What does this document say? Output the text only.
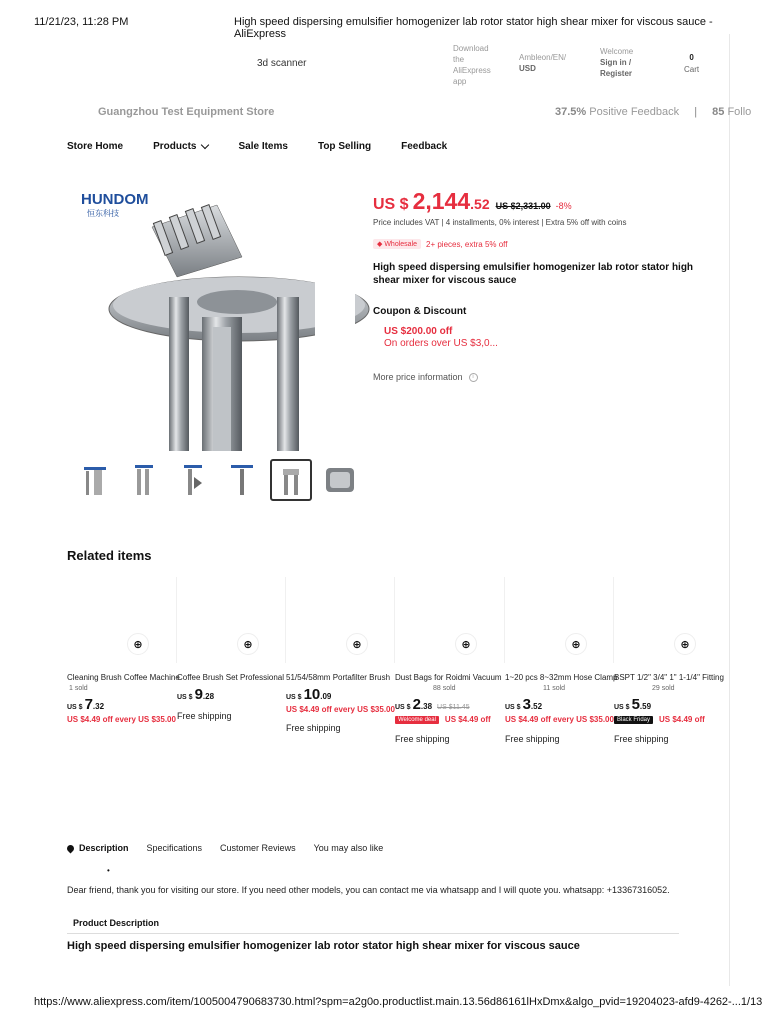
11/21/23, 11:28 PM	High speed dispersing emulsifier homogenizer lab rotor stator high shear mixer for viscous sauce - AliExpress
3d scanner
Download
the
AliExpress
app
Ambleon/EN/
USD
Welcome
Sign in /
Register
0
Cart
Guangzhou Test Equipment Store	37.5% Positive Feedback | 85 Follo
Store Home	Products	Sale Items	Top Selling	Feedback
HUNDOM
恒东科技
US $ 2,144 .52 US $2,331.00 -8%
Price includes VAT | 4 installments, 0% interest | Extra 5% off with coins
◆ Wholesale	2+ pieces, extra 5% off
High speed dispersing emulsifier homogenizer lab rotor stator high shear mixer for viscous sauce
Coupon & Discount
US $200.00 off
On orders over US $3,0...
More price information	i
Related items
⊕
Cleaning Brush Coffee Machine
1 sold
US $ 7 .32
US $4.49 off every US $35.00
⊕
Coffee Brush Set Professional
US $ 9 .28
Free shipping
⊕
51/54/58mm Portafilter Brush
US $ 10 .09
US $4.49 off every US $35.00
Free shipping
⊕
Dust Bags for Roidmi Vacuum
88 sold
US $ 2 .38 US $11.45
Welcome deal	US $4.49 off
Free shipping
⊕
1~20 pcs 8~32mm Hose Clamp
11 sold
US $ 3 .52
US $4.49 off every US $35.00
Free shipping
⊕
BSPT 1/2" 3/4" 1" 1-1/4" Fitting
29 sold
US $ 5 .59
Black Friday	US $4.49 off
Free shipping
Description Specifications Customer Reviews You may also like
•
Dear friend, thank you for visiting our store. If you need other models, you can contact me via whatsapp and I will quote you. whatsapp: +13367316052.
Product Description
High speed dispersing emulsifier homogenizer lab rotor stator high shear mixer for viscous sauce
https://www.aliexpress.com/item/1005004790683730.html?spm=a2g0o.productlist.main.13.56d86161lHxDmx&algo_pvid=19204023-afd9-4262-... 1/13
